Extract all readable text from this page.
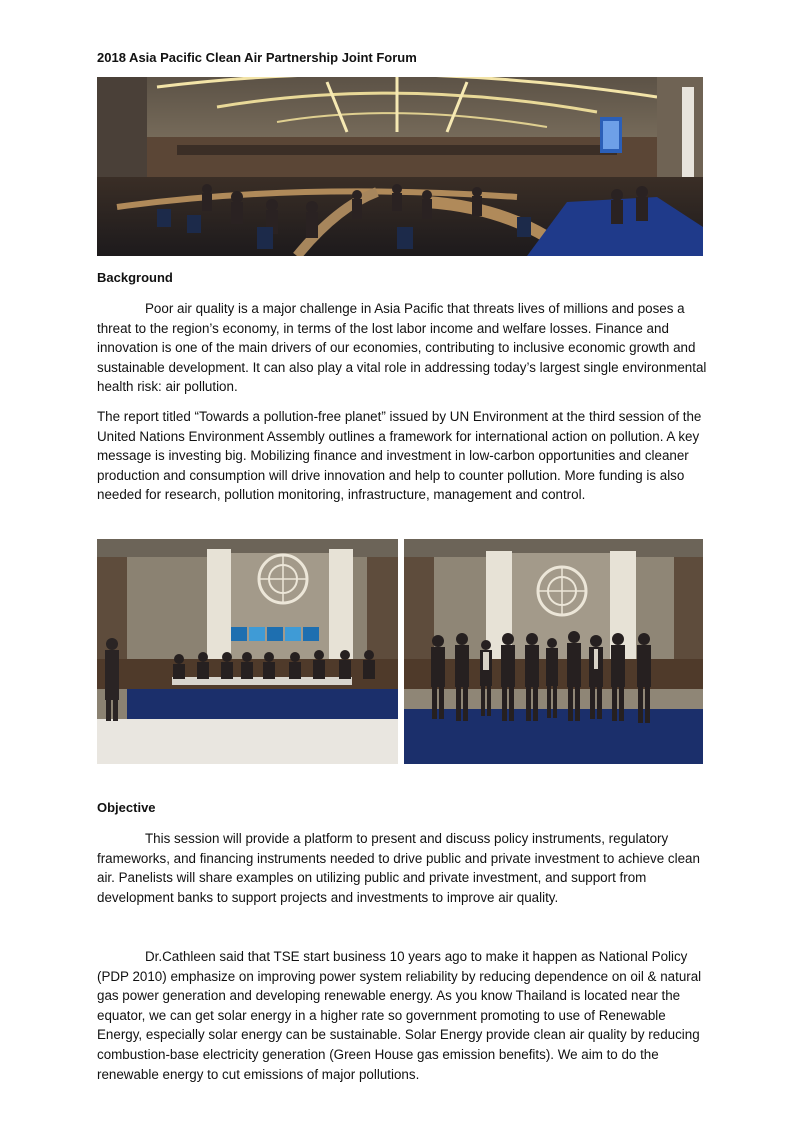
2018 Asia Pacific Clean Air Partnership Joint Forum
Background

Poor air quality is a major challenge in Asia Pacific that threats lives of millions and poses a threat to the region’s economy, in terms of the lost labor income and welfare losses. Finance and innovation is one of the main drivers of our economies, contributing to inclusive economic growth and sustainable development. It can also play a vital role in addressing today’s largest single environmental health risk: air pollution.

The report titled “Towards a pollution-free planet” issued by UN Environment at the third session of the United Nations Environment Assembly outlines a framework for international action on pollution. A key message is investing big. Mobilizing finance and investment in low-carbon opportunities and cleaner production and consumption will drive innovation and help to counter pollution. More funding is also needed for research, pollution monitoring, infrastructure, management and control.

Objective

This session will provide a platform to present and discuss policy instruments, regulatory frameworks, and financing instruments needed to drive public and private investment to achieve clean air. Panelists will share examples on utilizing public and private investment, and support from development banks to support projects and investments to improve air quality.

Dr.Cathleen said that TSE start business 10 years ago to make it happen as National Policy (PDP 2010) emphasize on improving power system reliability by reducing dependence on oil & natural gas power generation and developing renewable energy. As you know Thailand is located near the equator, we can get solar energy in a higher rate so government promoting to use of Renewable Energy, especially solar energy can be sustainable. Solar Energy provide clean air quality by reducing combustion-base electricity generation (Green House gas emission benefits). We aim to do the renewable energy to cut emissions of major pollutions.
